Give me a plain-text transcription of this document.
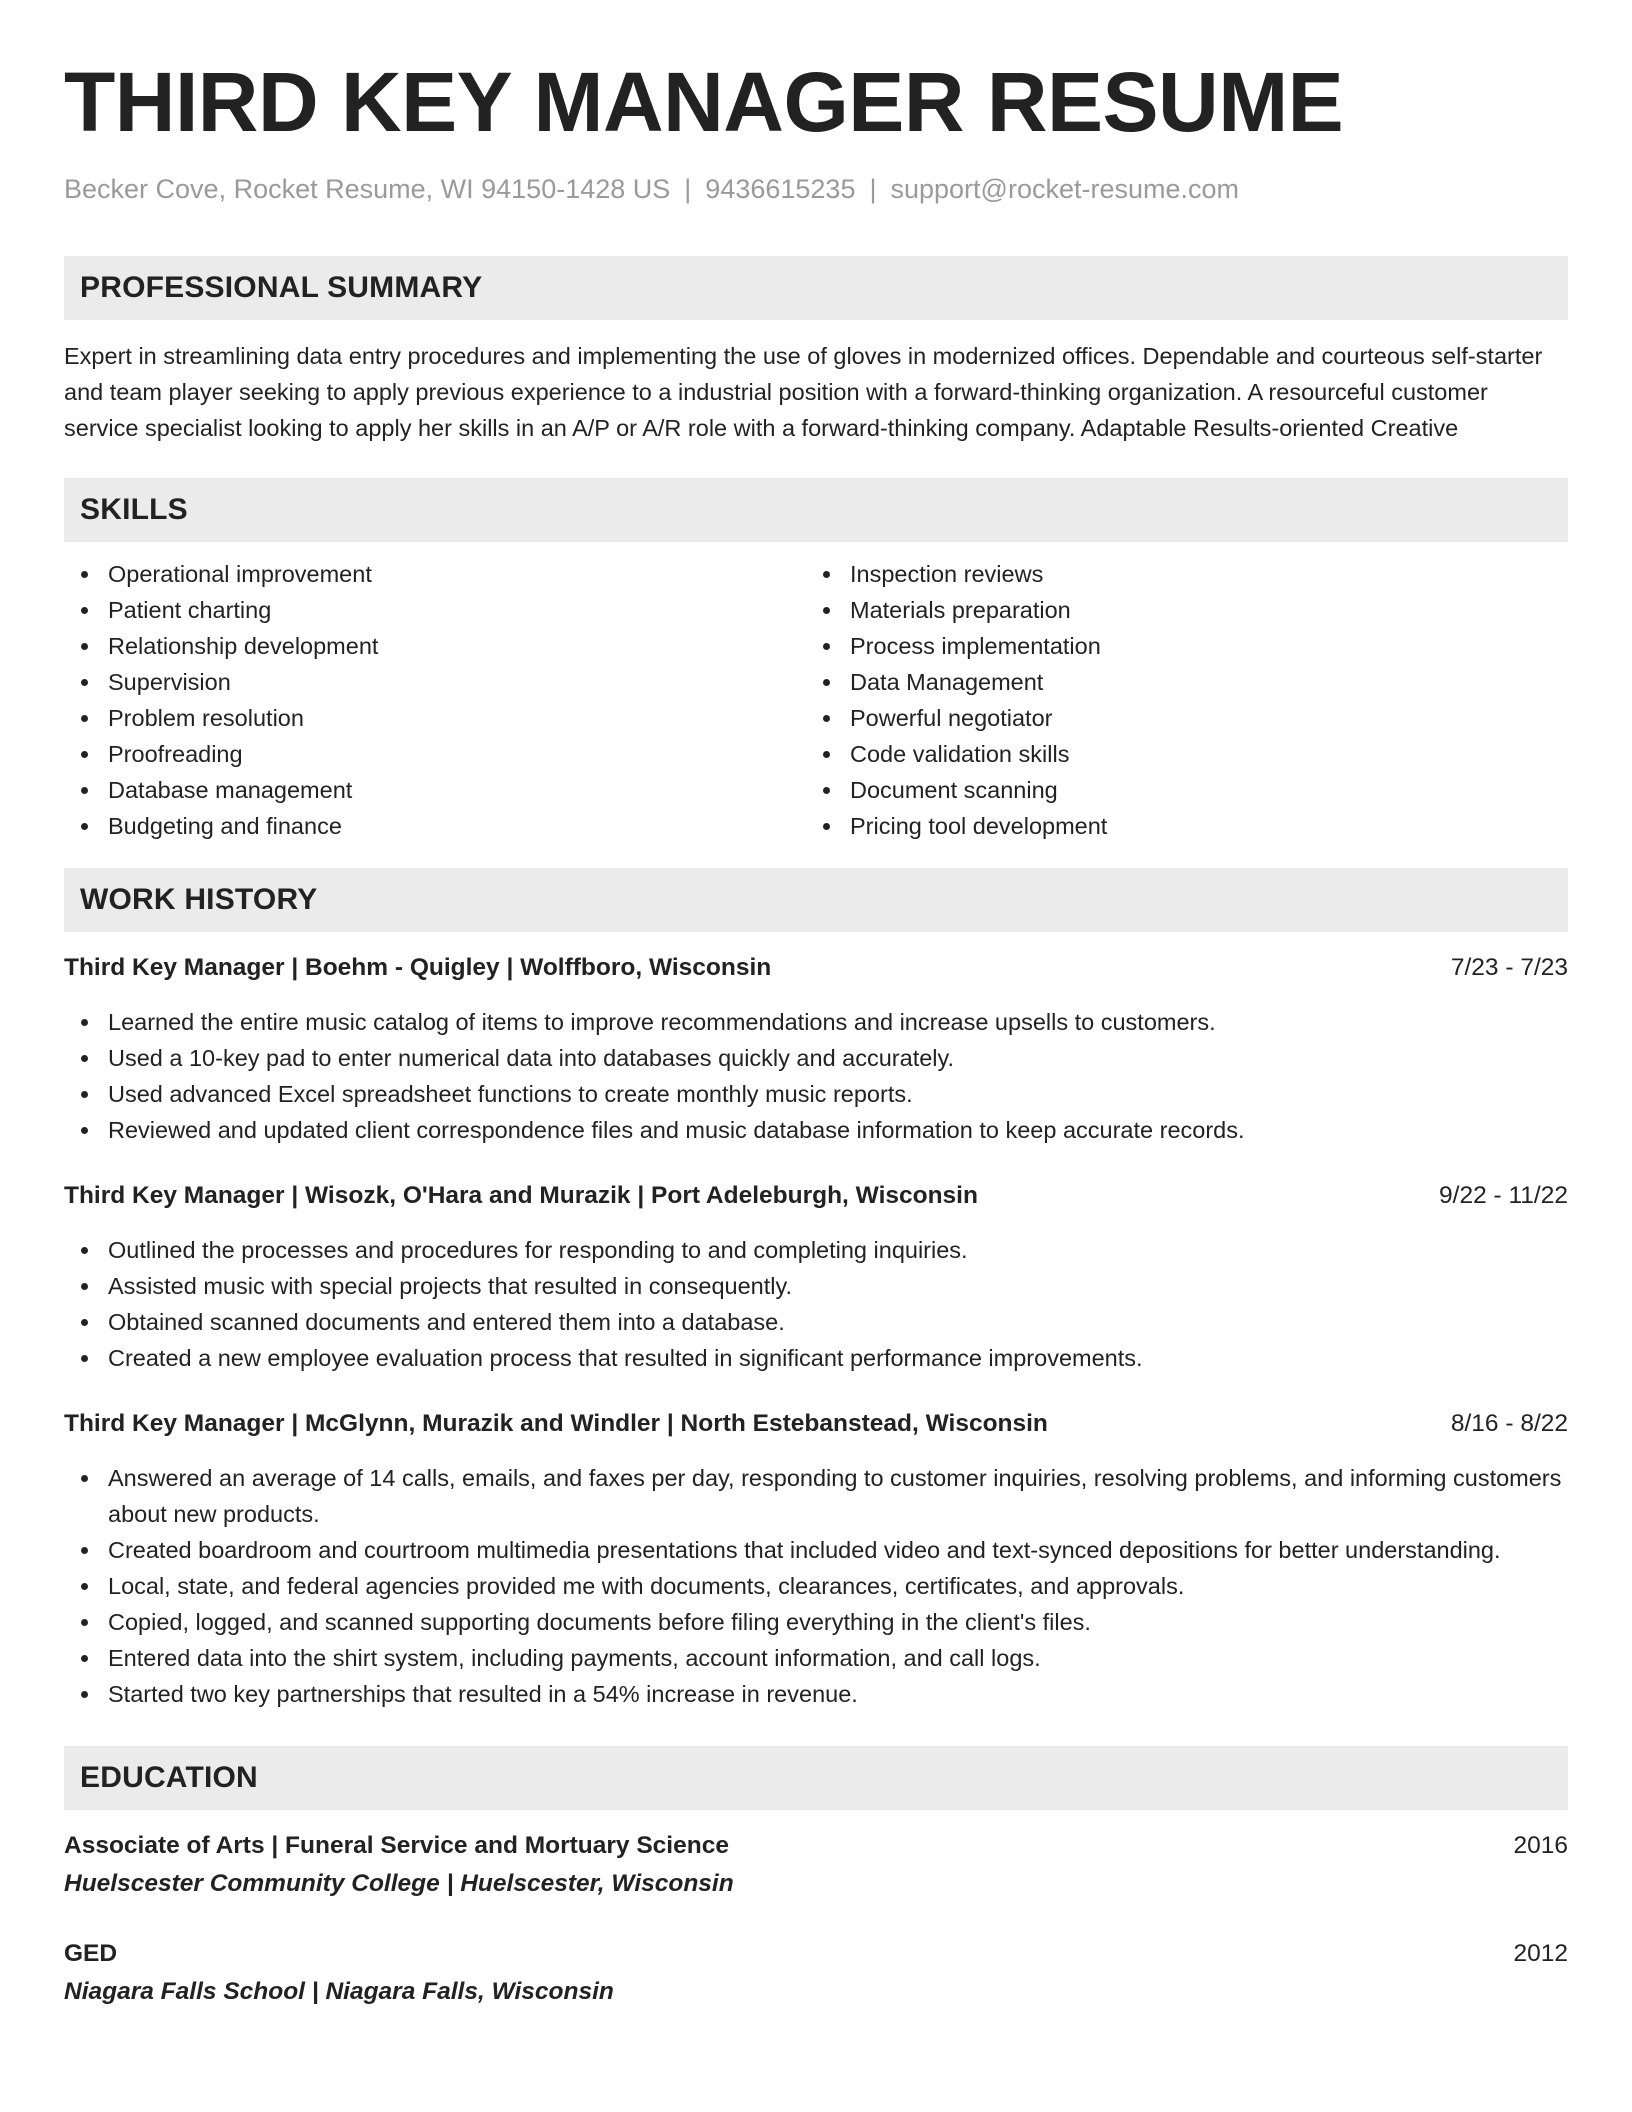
THIRD KEY MANAGER RESUME
Becker Cove, Rocket Resume, WI 94150-1428 US | 9436615235 | support@rocket-resume.com
PROFESSIONAL SUMMARY
Expert in streamlining data entry procedures and implementing the use of gloves in modernized offices. Dependable and courteous self-starter and team player seeking to apply previous experience to a industrial position with a forward-thinking organization. A resourceful customer service specialist looking to apply her skills in an A/P or A/R role with a forward-thinking company. Adaptable Results-oriented Creative
SKILLS
Operational improvement
Patient charting
Relationship development
Supervision
Problem resolution
Proofreading
Database management
Budgeting and finance
Inspection reviews
Materials preparation
Process implementation
Data Management
Powerful negotiator
Code validation skills
Document scanning
Pricing tool development
WORK HISTORY
Third Key Manager | Boehm - Quigley | Wolffboro, Wisconsin	7/23 - 7/23
Learned the entire music catalog of items to improve recommendations and increase upsells to customers.
Used a 10-key pad to enter numerical data into databases quickly and accurately.
Used advanced Excel spreadsheet functions to create monthly music reports.
Reviewed and updated client correspondence files and music database information to keep accurate records.
Third Key Manager | Wisozk, O'Hara and Murazik | Port Adeleburgh, Wisconsin	9/22 - 11/22
Outlined the processes and procedures for responding to and completing inquiries.
Assisted music with special projects that resulted in consequently.
Obtained scanned documents and entered them into a database.
Created a new employee evaluation process that resulted in significant performance improvements.
Third Key Manager | McGlynn, Murazik and Windler | North Estebanstead, Wisconsin	8/16 - 8/22
Answered an average of 14 calls, emails, and faxes per day, responding to customer inquiries, resolving problems, and informing customers about new products.
Created boardroom and courtroom multimedia presentations that included video and text-synced depositions for better understanding.
Local, state, and federal agencies provided me with documents, clearances, certificates, and approvals.
Copied, logged, and scanned supporting documents before filing everything in the client's files.
Entered data into the shirt system, including payments, account information, and call logs.
Started two key partnerships that resulted in a 54% increase in revenue.
EDUCATION
Associate of Arts | Funeral Service and Mortuary Science	2016
Huelscester Community College | Huelscester, Wisconsin
GED	2012
Niagara Falls School | Niagara Falls, Wisconsin
